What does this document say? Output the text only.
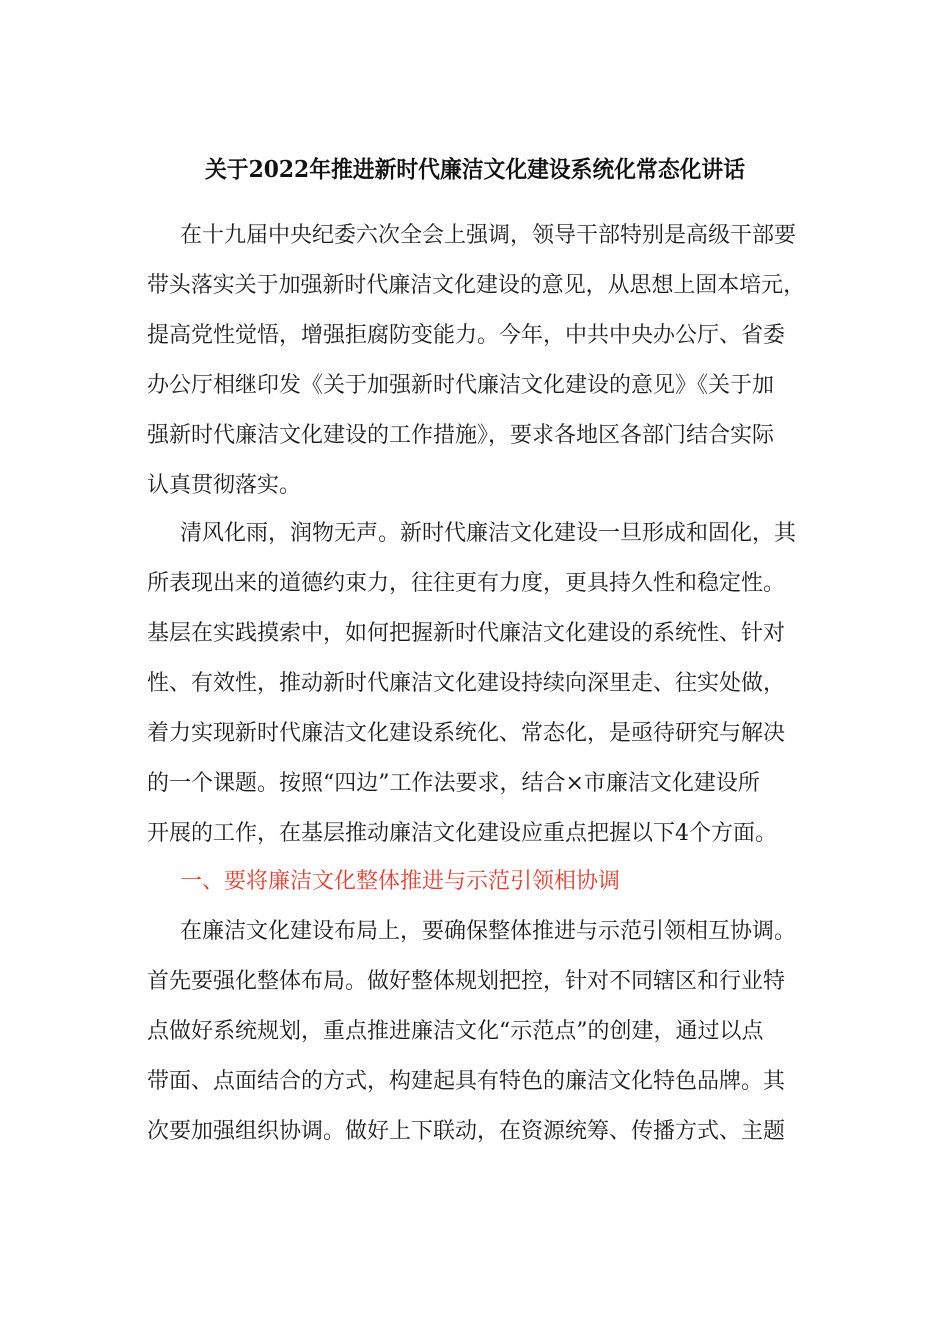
关于2022年推进新时代廉洁文化建设系统化常态化讲话
在十九届中央纪委六次全会上强调，领导干部特别是高级干部要
带头落实关于加强新时代廉洁文化建设的意见，从思想上固本培元，
提高党性觉悟，增强拒腐防变能力。今年，中共中央办公厅、省委
办公厅相继印发《关于加强新时代廉洁文化建设的意见》《关于加
强新时代廉洁文化建设的工作措施》，要求各地区各部门结合实际
认真贯彻落实。
清风化雨，润物无声。新时代廉洁文化建设一旦形成和固化，其
所表现出来的道德约束力，往往更有力度，更具持久性和稳定性。
基层在实践摸索中，如何把握新时代廉洁文化建设的系统性、针对
性、有效性，推动新时代廉洁文化建设持续向深里走、往实处做，
着力实现新时代廉洁文化建设系统化、常态化，是亟待研究与解决
的一个课题。按照“四边”工作法要求，结合×市廉洁文化建设所
开展的工作，在基层推动廉洁文化建设应重点把握以下4个方面。
一、要将廉洁文化整体推进与示范引领相协调
在廉洁文化建设布局上，要确保整体推进与示范引领相互协调。
首先要强化整体布局。做好整体规划把控，针对不同辖区和行业特
点做好系统规划，重点推进廉洁文化“示范点”的创建，通过以点
带面、点面结合的方式，构建起具有特色的廉洁文化特色品牌。其
次要加强组织协调。做好上下联动，在资源统筹、传播方式、主题
